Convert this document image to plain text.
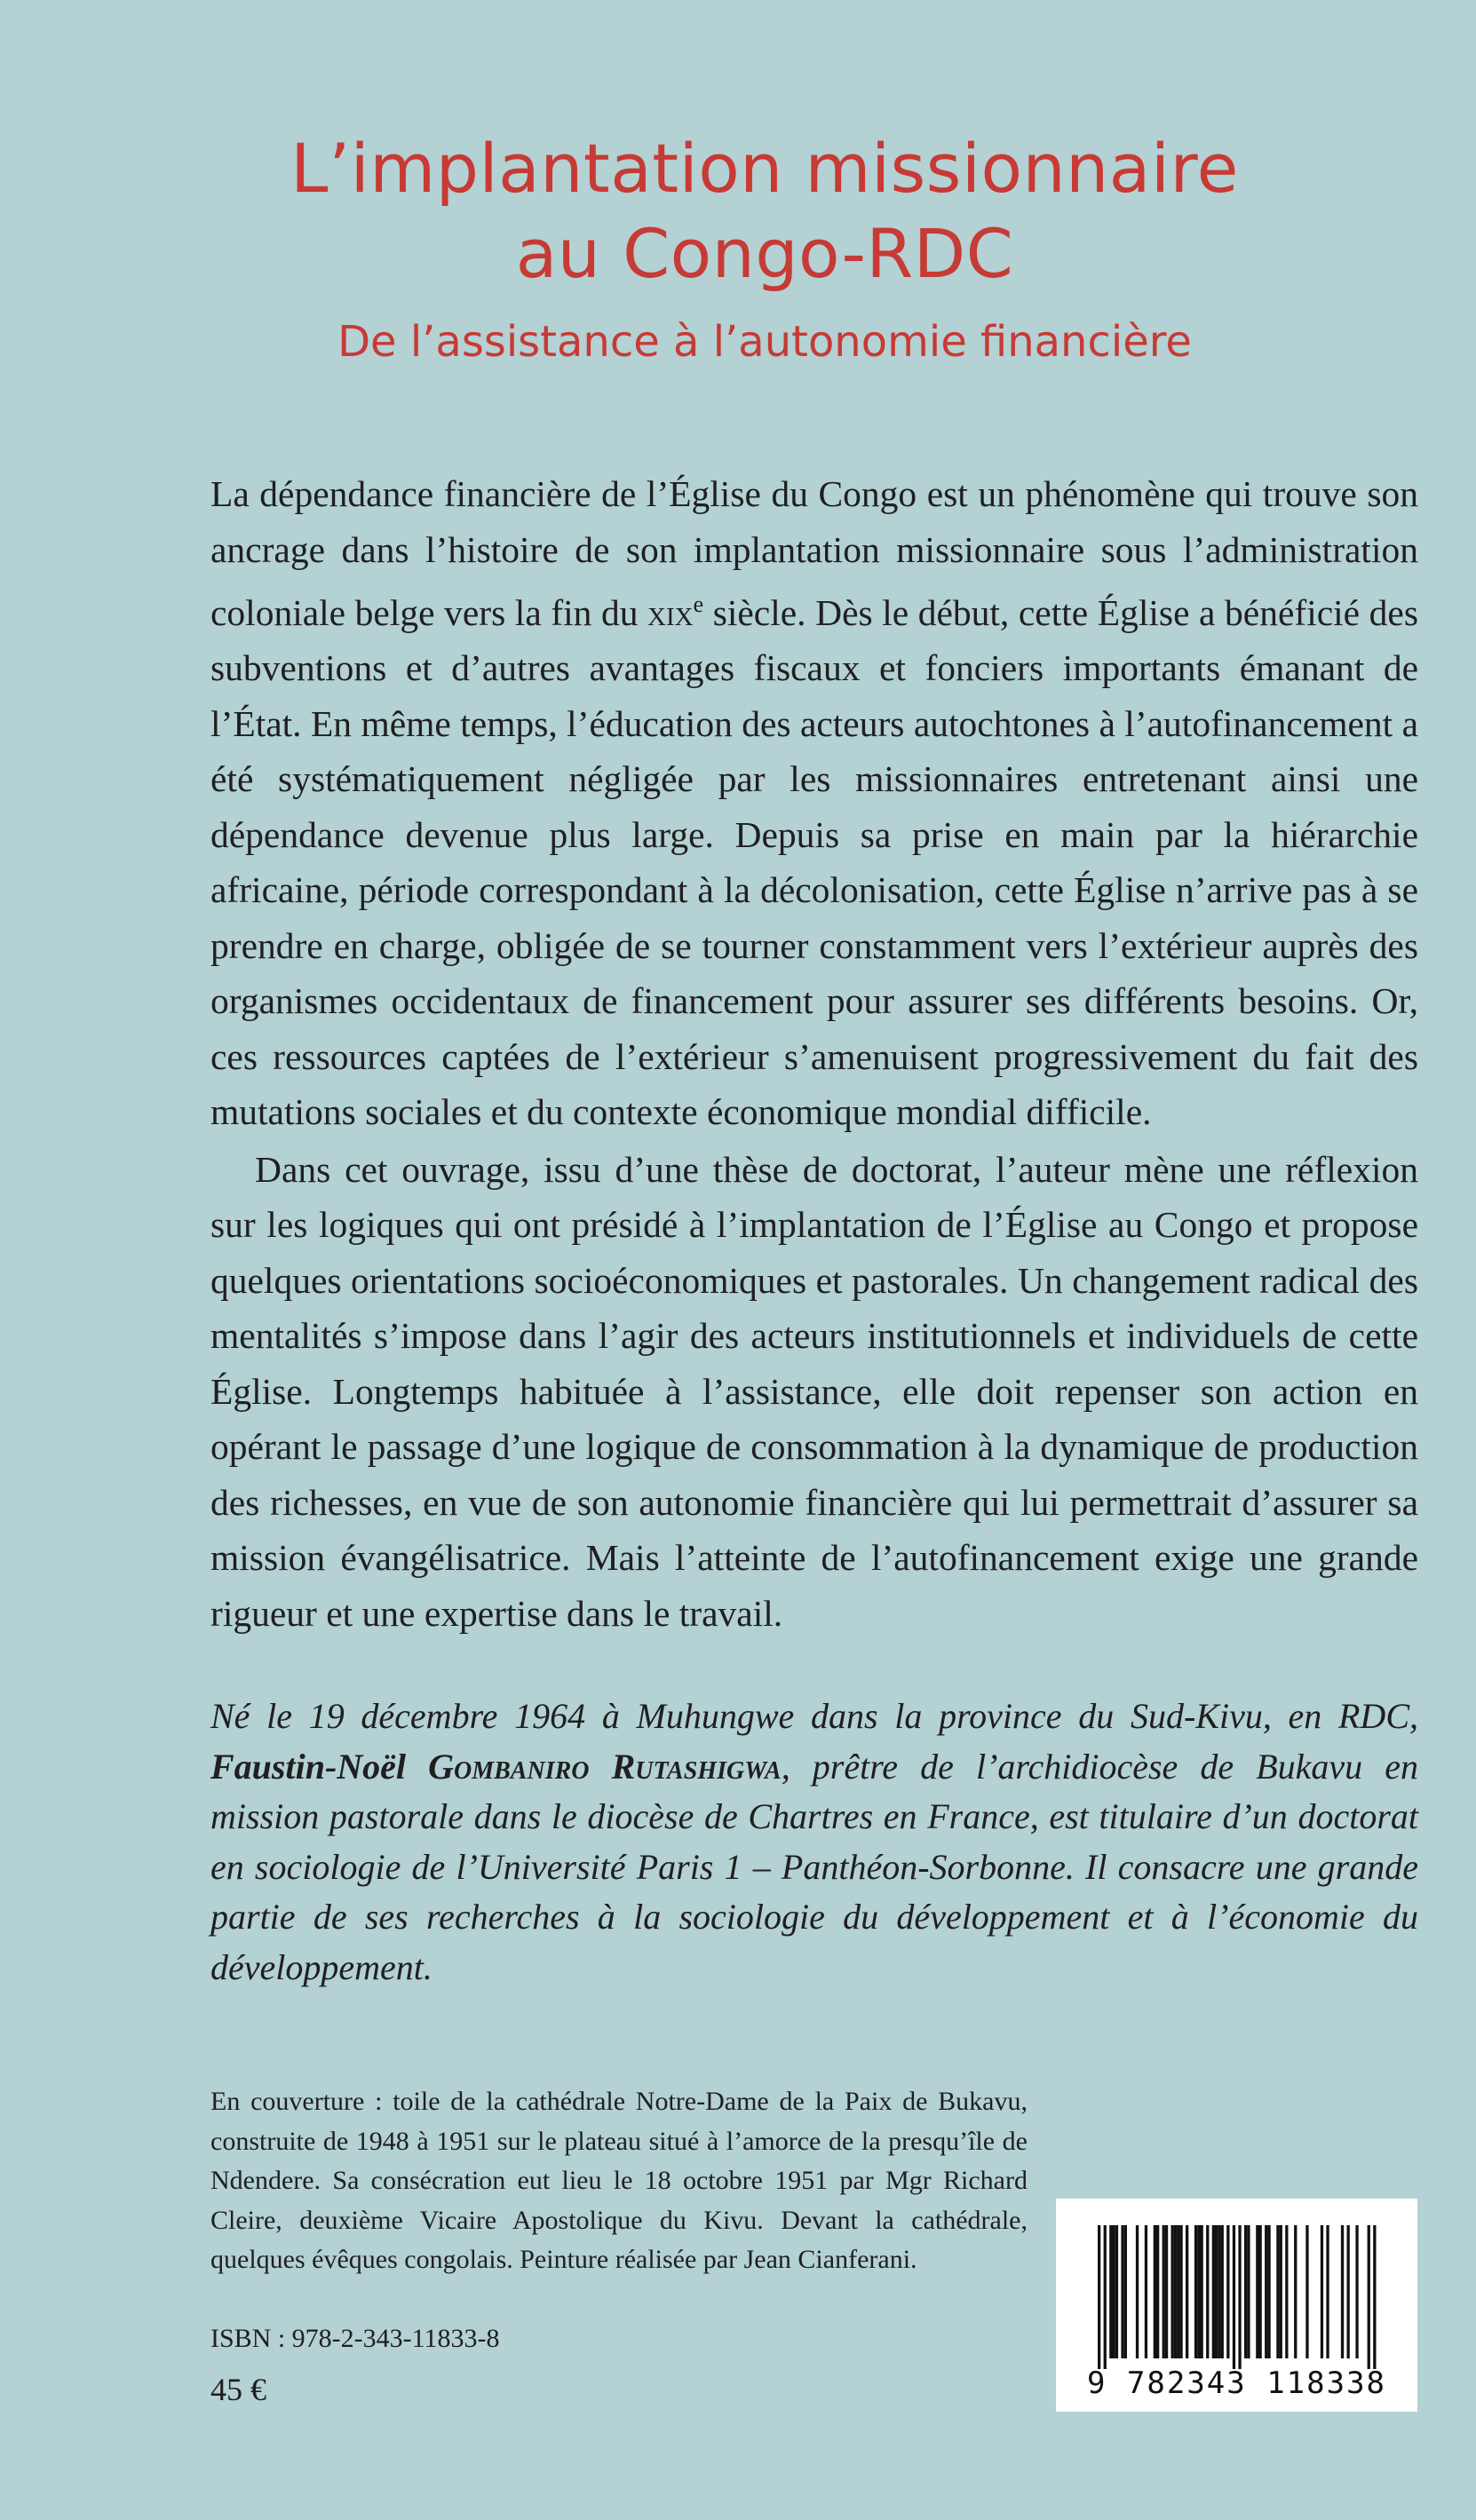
L’implantation missionnaire
au Congo-RDC
De l’assistance à l’autonomie financière

La dépendance financière de l’Église du Congo est un phénomène qui trouve son ancrage dans l’histoire de son implantation missionnaire sous l’administration coloniale belge vers la fin du xix$^e$ siècle. Dès le début, cette Église a bénéficié des subventions et d’autres avantages fiscaux et fonciers importants émanant de l’État. En même temps, l’éducation des acteurs autochtones à l’autofinancement a été systématiquement négligée par les missionnaires entretenant ainsi une dépendance devenue plus large. Depuis sa prise en main par la hiérarchie africaine, période correspondant à la décolonisation, cette Église n’arrive pas à se prendre en charge, obligée de se tourner constamment vers l’extérieur auprès des organismes occidentaux de financement pour assurer ses différents besoins. Or, ces ressources captées de l’extérieur s’amenuisent progressivement du fait des mutations sociales et du contexte économique mondial difficile.

Dans cet ouvrage, issu d’une thèse de doctorat, l’auteur mène une réflexion sur les logiques qui ont présidé à l’implantation de l’Église au Congo et propose quelques orientations socioéconomiques et pastorales. Un changement radical des mentalités s’impose dans l’agir des acteurs institutionnels et individuels de cette Église. Longtemps habituée à l’assistance, elle doit repenser son action en opérant le passage d’une logique de consommation à la dynamique de production des richesses, en vue de son autonomie financière qui lui permettrait d’assurer sa mission évangélisatrice. Mais l’atteinte de l’autofinancement exige une grande rigueur et une expertise dans le travail.

Né le 19 décembre 1964 à Muhungwe dans la province du Sud-Kivu, en RDC, Faustin-Noël Gombaniro Rutashigwa, prêtre de l’archidiocèse de Bukavu en mission pastorale dans le diocèse de Chartres en France, est titulaire d’un doctorat en sociologie de l’Université Paris 1 – Panthéon-Sorbonne. Il consacre une grande partie de ses recherches à la sociologie du développement et à l’économie du développement.

En couverture : toile de la cathédrale Notre-Dame de la Paix de Bukavu, construite de 1948 à 1951 sur le plateau situé à l’amorce de la presqu’île de Ndendere. Sa consécration eut lieu le 18 octobre 1951 par Mgr Richard Cleire, deuxième Vicaire Apostolique du Kivu. Devant la cathédrale, quelques évêques congolais. Peinture réalisée par Jean Cianferani.

ISBN : 978-2-343-11833-8

45 €	9 782343 118338
